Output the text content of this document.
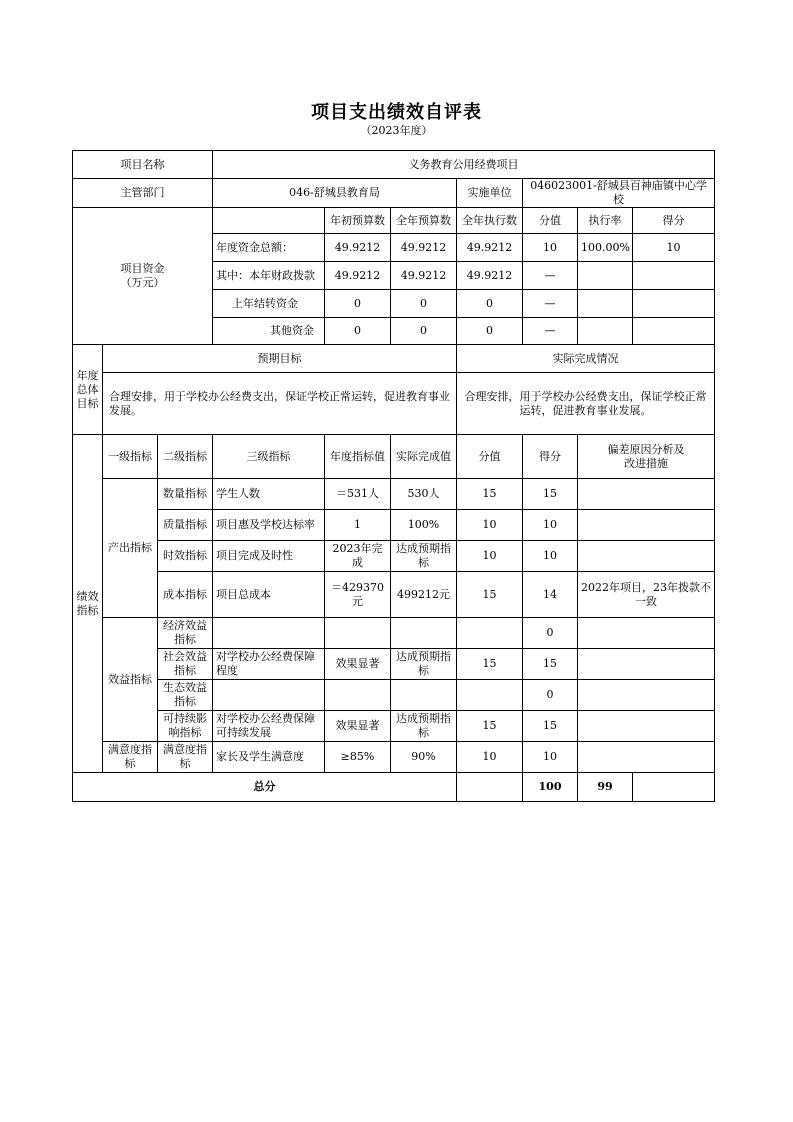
项目支出绩效自评表
（2023年度）
项目名称			义务教育公用经费项目						
主管部门			046-舒城县教育局			实施单位	046023001-舒城县百神庙镇中心学校		
项目资金（万元）				年初预算数	全年预算数	全年执行数	分值	执行率	得分
			年度资金总额：	49.9212	49.9212	49.9212	10	100.00%	10
			其中：本年财政拨款	49.9212	49.9212	49.9212	—		
			上年结转资金	0	0	0	—		
			其他资金	0	0	0	—		
年度总体目标	预期目标					实际完成情况			
	合理安排，用于学校办公经费支出，保证学校正常运转，促进教育事业发展。					合理安排，用于学校办公经费支出，保证学校正常运转，促进教育事业发展。			
绩效指标	一级指标	二级指标	三级指标	年度指标值	实际完成值	分值	得分	偏差原因分析及改进措施	
	产出指标	数量指标	学生人数	＝531人	530人	15	15		
		质量指标	项目惠及学校达标率	1	100%	10	10		
		时效指标	项目完成及时性	2023年完成	达成预期指标	10	10		
		成本指标	项目总成本	＝429370元	499212元	15	14	2022年项目，23年拨款不一致	
	效益指标	经济效益指标					0		
		社会效益指标	对学校办公经费保障程度	效果显著	达成预期指标	15	15		
		生态效益指标					0		
		可持续影响指标	对学校办公经费保障可持续发展	效果显著	达成预期指标	15	15		
	满意度指标	满意度指标	家长及学生满意度	≥85%	90%	10	10		
总分							100	99	
